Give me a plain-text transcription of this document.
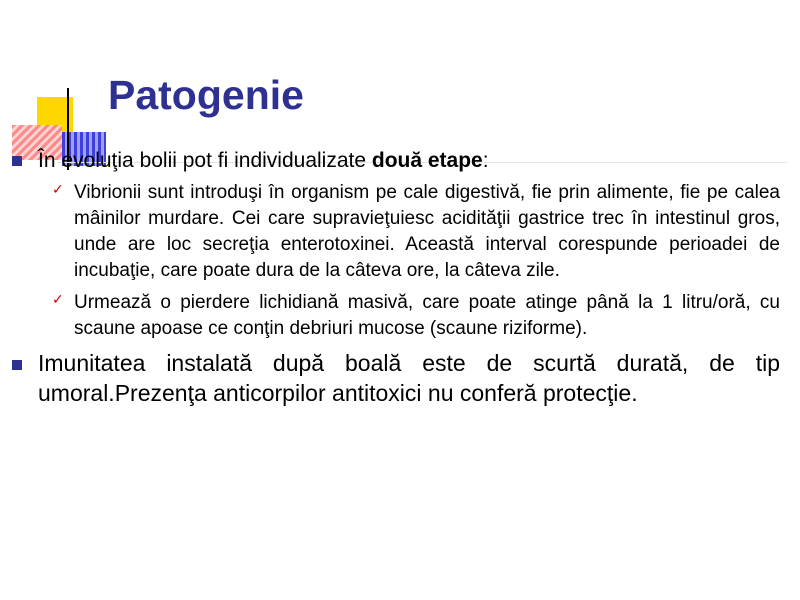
Patogenie

În evoluţia bolii pot fi individualizate două etape:

✓ Vibrionii sunt introduşi în organism pe cale digestivă, fie prin alimente, fie pe calea mâinilor murdare. Cei care supravieţuiesc acidităţii gastrice trec în intestinul gros, unde are loc secreţia enterotoxinei. Această interval corespunde perioadei de incubaţie, care poate dura de la câteva ore, la câteva zile.

✓ Urmează o pierdere lichidiană masivă, care poate atinge până la 1 litru/oră, cu scaune apoase ce conţin debriuri mucose (scaune riziforme).

Imunitatea instalată după boală este de scurtă durată, de tip umoral.Prezenţa anticorpilor antitoxici nu conferă protecţie.
